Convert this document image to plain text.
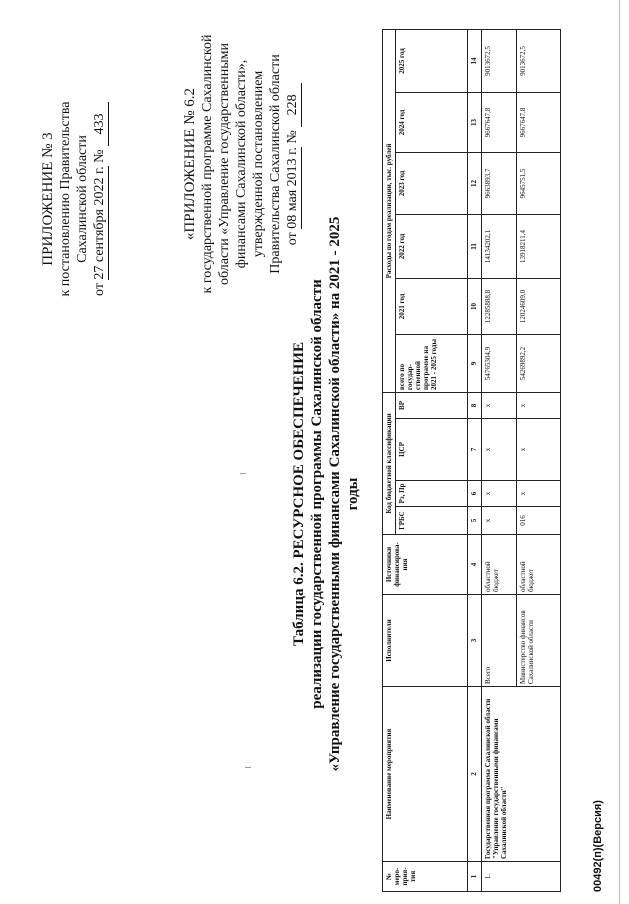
ПРИЛОЖЕНИЕ № 3 к постановлению Правительства Сахалинской области
от 27 сентября 2022 г. № 433	«ПРИЛОЖЕНИЕ № 6.2 к государственной программе Сахалинской области «Управление государственными финансами Сахалинской области», утвержденной постановлением Правительства Сахалинской области от 08 мая 2013 г. № 228
Таблица 6.2. РЕСУРСНОЕ ОБЕСПЕЧЕНИЕ реализации государственной программы Сахалинской области «Управление государственными финансами Сахалинской области» на 2021 - 2025 годы
№ меро-прия-тия	Наименование мероприятия	Исполнители	Источники финансирова-ния	Код бюджетной классификации				Расходы по годам реализации, тыс. рублей					
				ГРБС	Рз, Пр	ЦСР	ВР	всего по государ-ственной программе на 2021 - 2025 годы	2021 год	2022 год	2023 год	2024 год	2025 год
1	2	3	4	5	6	7	8	9	10	11	12	13	14
1.	Государственная программа Сахалинской области "Управление государственными финансами Сахалинской области"	Всего	областной бюджет	х	х	х	х	54765304,9	12285888,8	14134202,1	9663893,7	9667647,8	9013672,5
		Министерство финансов Сахалинской области	областной бюджет	016	х	х	х	54269892,2	12024609,0	13918211,4	9645751,5	9667647,8	9013672,5
00492(п)(Версия)
